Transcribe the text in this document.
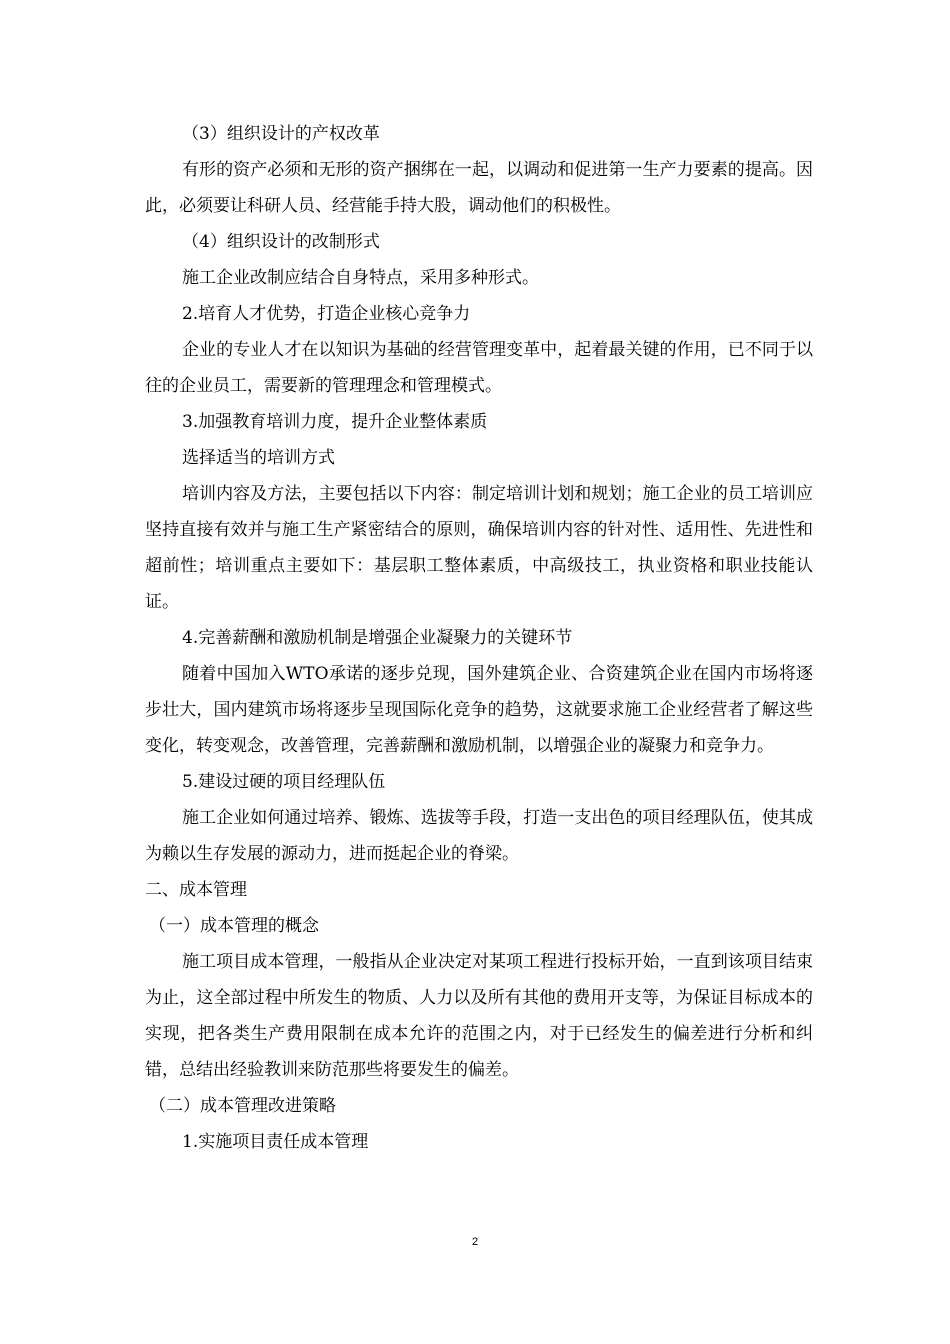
（3）组织设计的产权改革

有形的资产必须和无形的资产捆绑在一起，以调动和促进第一生产力要素的提高。因此，必须要让科研人员、经营能手持大股，调动他们的积极性。

（4）组织设计的改制形式

施工企业改制应结合自身特点，采用多种形式。

2.培育人才优势，打造企业核心竞争力

企业的专业人才在以知识为基础的经营管理变革中，起着最关键的作用，已不同于以往的企业员工，需要新的管理理念和管理模式。

3.加强教育培训力度，提升企业整体素质

选择适当的培训方式

培训内容及方法，主要包括以下内容：制定培训计划和规划；施工企业的员工培训应坚持直接有效并与施工生产紧密结合的原则，确保培训内容的针对性、适用性、先进性和超前性；培训重点主要如下：基层职工整体素质，中高级技工，执业资格和职业技能认证。

4.完善薪酬和激励机制是增强企业凝聚力的关键环节

随着中国加入WTO承诺的逐步兑现，国外建筑企业、合资建筑企业在国内市场将逐步壮大，国内建筑市场将逐步呈现国际化竞争的趋势，这就要求施工企业经营者了解这些变化，转变观念，改善管理，完善薪酬和激励机制，以增强企业的凝聚力和竞争力。

5.建设过硬的项目经理队伍

施工企业如何通过培养、锻炼、选拔等手段，打造一支出色的项目经理队伍，使其成为赖以生存发展的源动力，进而挺起企业的脊梁。

二、成本管理

（一）成本管理的概念

施工项目成本管理，一般指从企业决定对某项工程进行投标开始，一直到该项目结束为止，这全部过程中所发生的物质、人力以及所有其他的费用开支等，为保证目标成本的实现，把各类生产费用限制在成本允许的范围之内，对于已经发生的偏差进行分析和纠错，总结出经验教训来防范那些将要发生的偏差。

（二）成本管理改进策略

1.实施项目责任成本管理

2
